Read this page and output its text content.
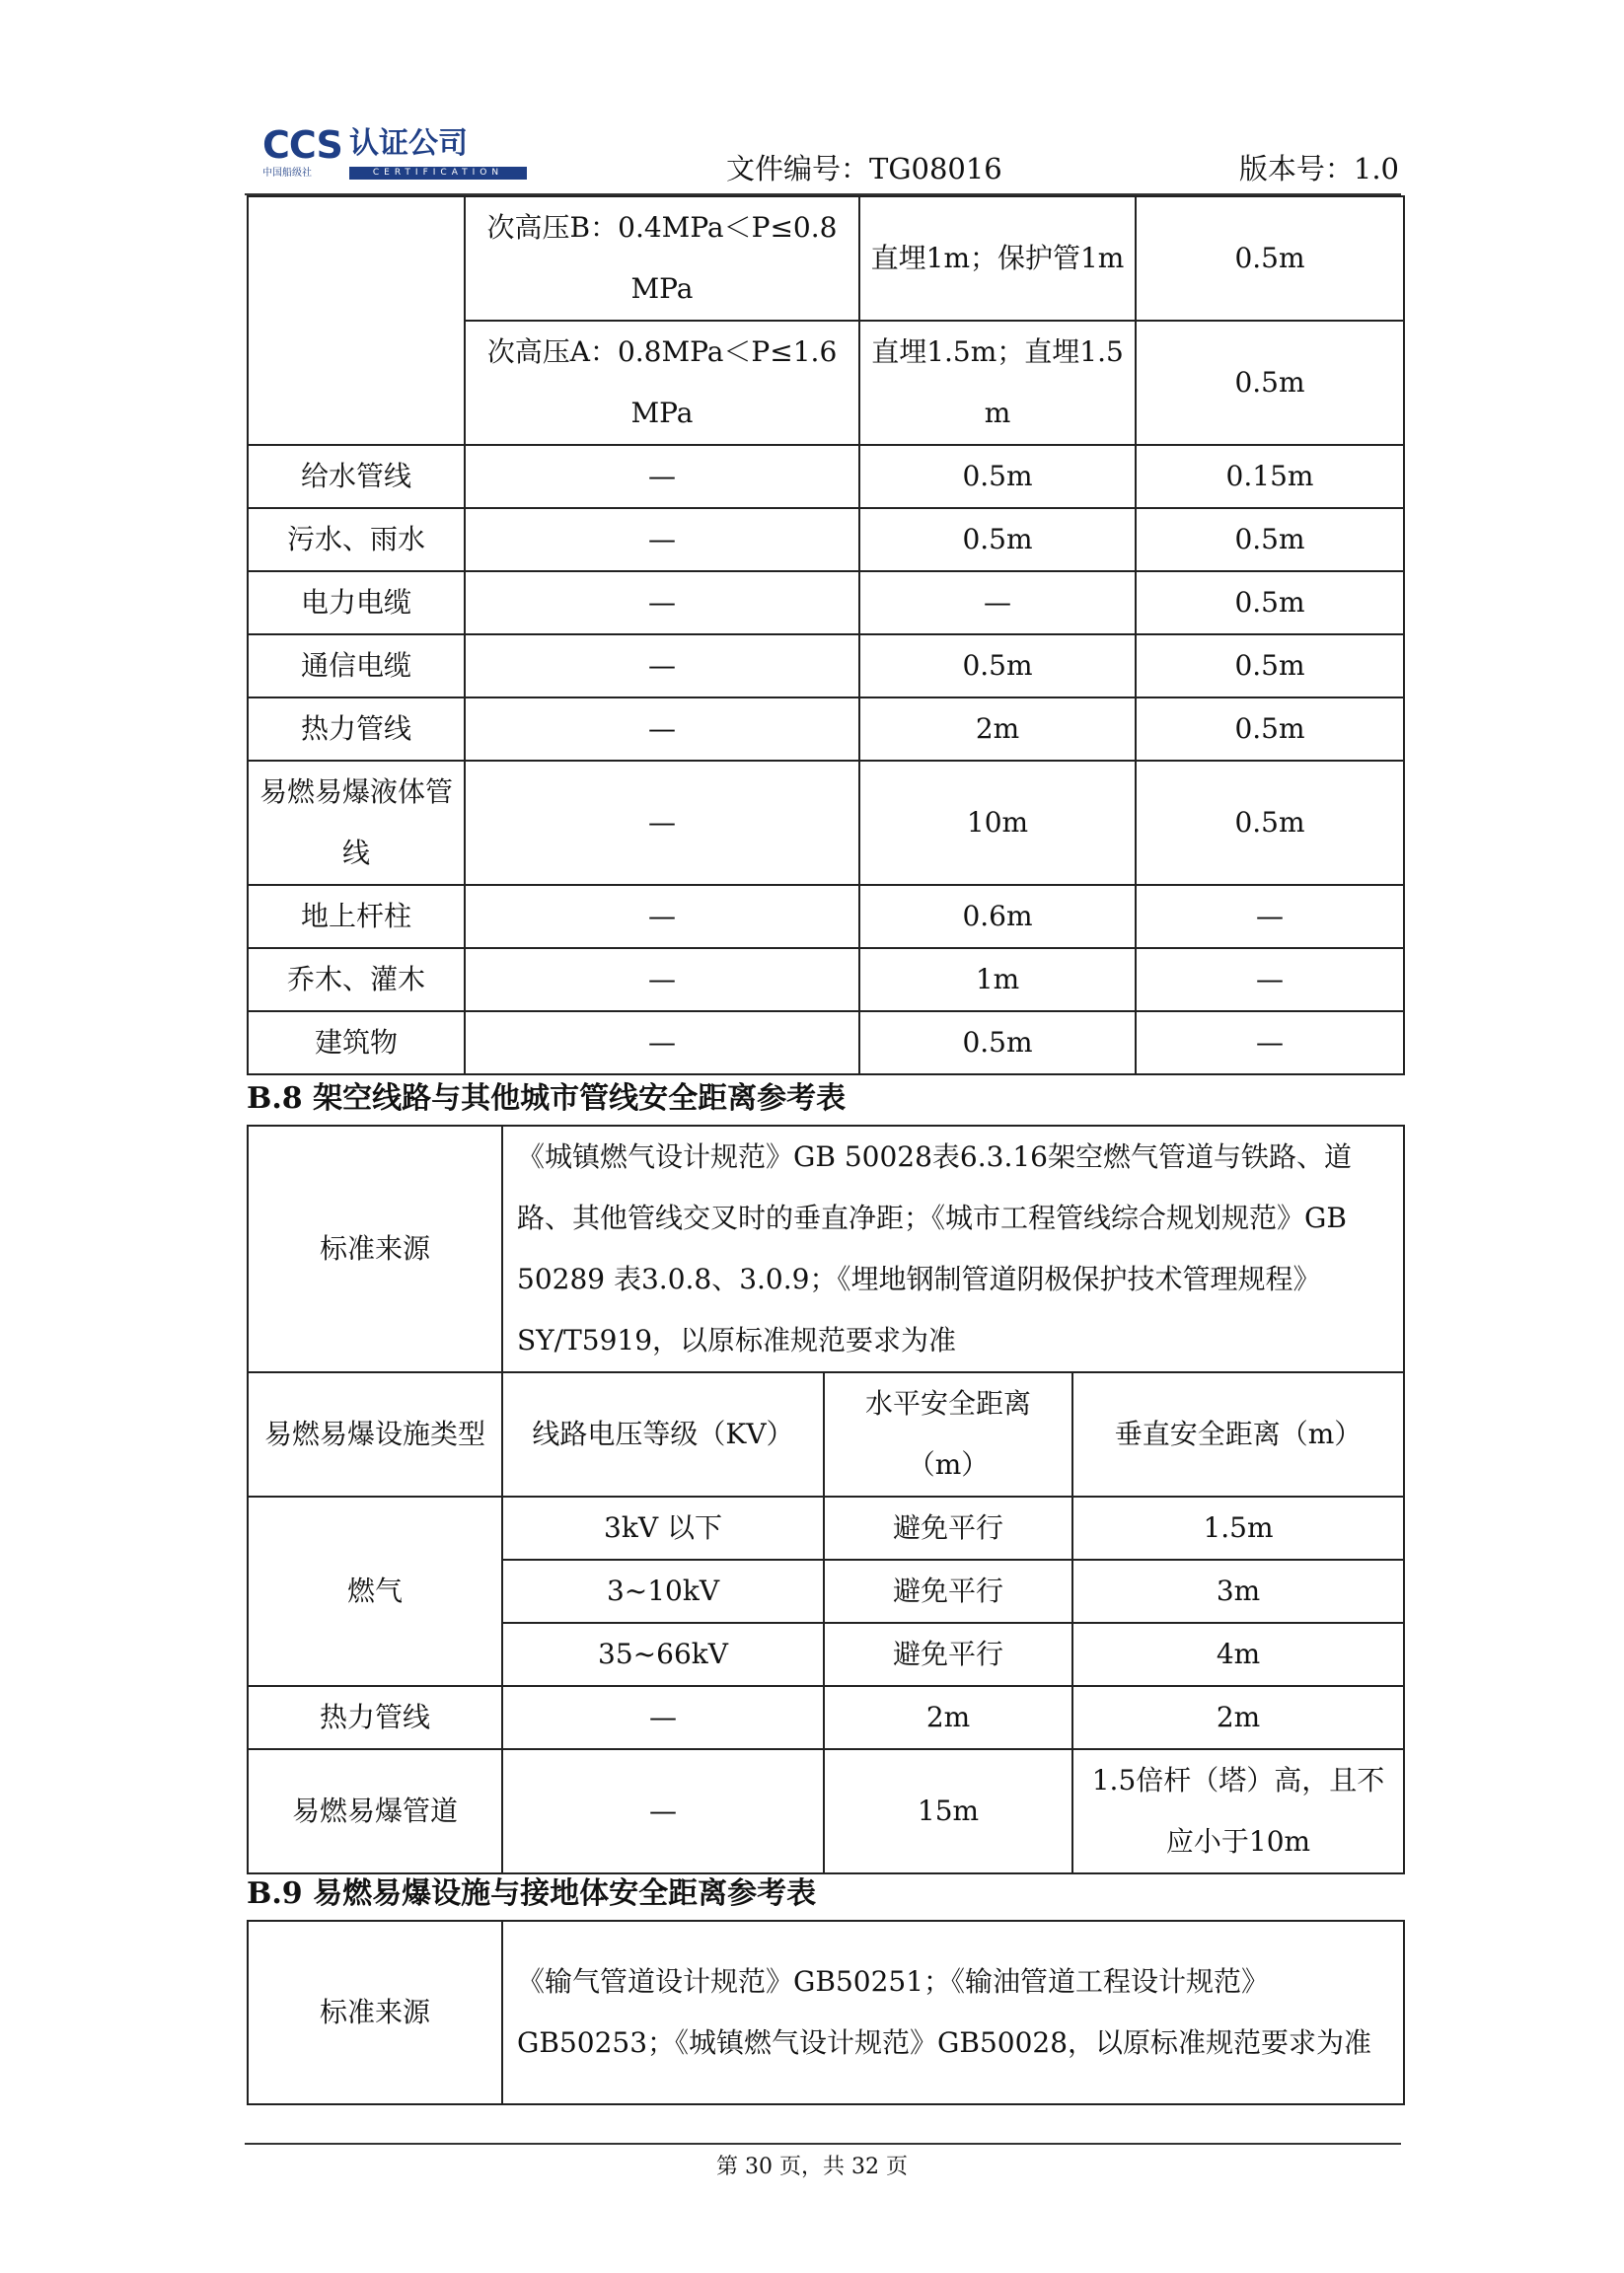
CCS 认证公司
中国船级社	CERTIFICATION	文件编号：TG08016	版本号：1.0
	次高压B：0.4MPa＜P≤0.8MPa	直埋1m；保护管1m	0.5m
	次高压A：0.8MPa＜P≤1.6MPa	直埋1.5m；直埋1.5m	0.5m
给水管线	—	0.5m	0.15m
污水、雨水	—	0.5m	0.5m
电力电缆	—	—	0.5m
通信电缆	—	0.5m	0.5m
热力管线	—	2m	0.5m
易燃易爆液体管线	—	10m	0.5m
地上杆柱	—	0.6m	—
乔木、灌木	—	1m	—
建筑物	—	0.5m	—
B.8 架空线路与其他城市管线安全距离参考表
标准来源	《城镇燃气设计规范》GB 50028表6.3.16架空燃气管道与铁路、道路、其他管线交叉时的垂直净距；《城市工程管线综合规划规范》GB 50289 表3.0.8、3.0.9；《埋地钢制管道阴极保护技术管理规程》SY/T5919，以原标准规范要求为准		
易燃易爆设施类型	线路电压等级（KV）	水平安全距离（m）	垂直安全距离（m）
燃气	3kV 以下	避免平行	1.5m
	3~10kV	避免平行	3m
	35~66kV	避免平行	4m
热力管线	—	2m	2m
易燃易爆管道	—	15m	1.5倍杆（塔）高，且不应小于10m
B.9 易燃易爆设施与接地体安全距离参考表
标准来源	《输气管道设计规范》GB50251；《输油管道工程设计规范》GB50253；《城镇燃气设计规范》GB50028，以原标准规范要求为准
第 30 页，共 32 页
